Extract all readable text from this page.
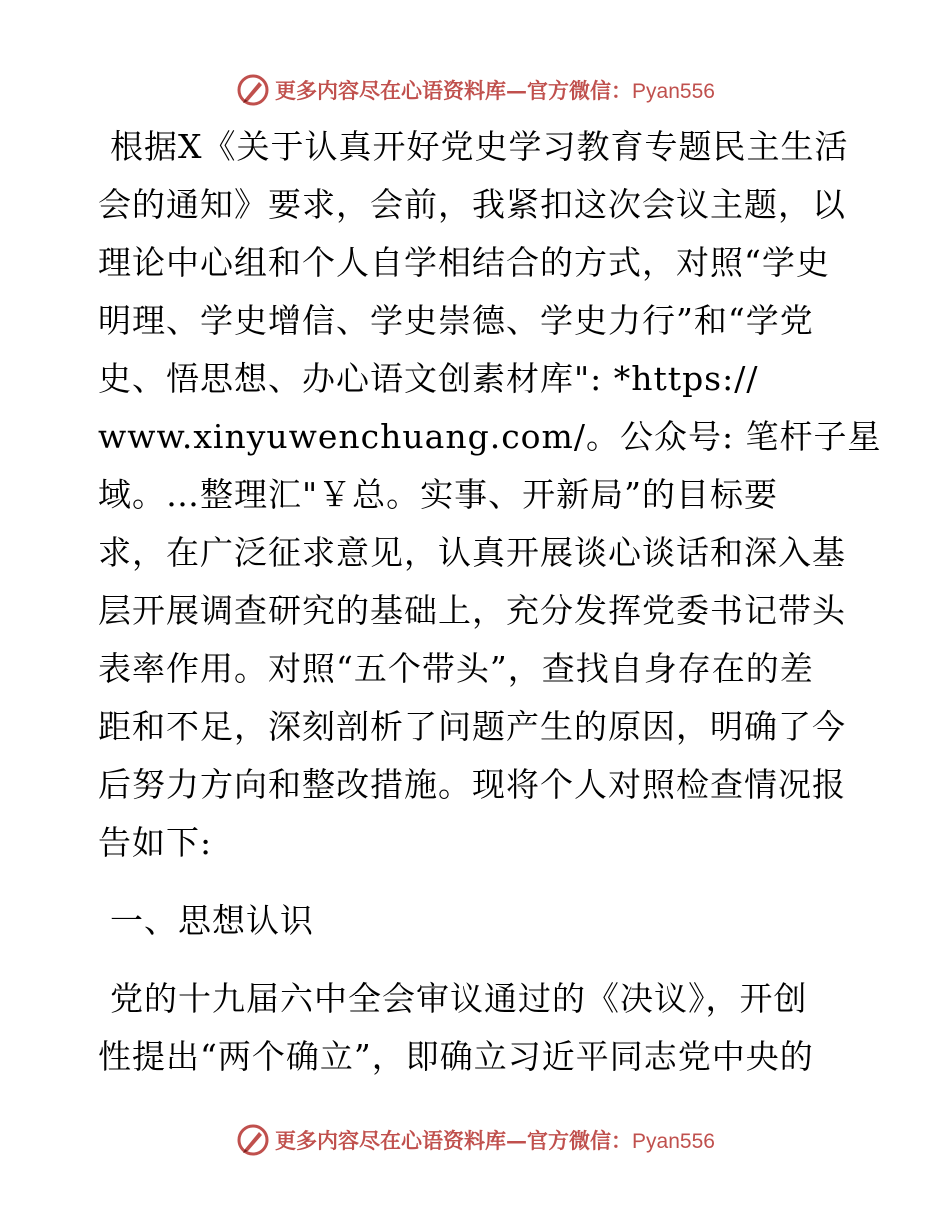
更多内容尽在心语资料库—官方微信：Pyan556
根据X《关于认真开好党史学习教育专题民主生活
会的通知》要求，会前，我紧扣这次会议主题，以
理论中心组和个人自学相结合的方式，对照“学史
明理、学史增信、学史崇德、学史力行”和“学党
史、悟思想、办心语文创素材库": *https://
www.xinyuwenchuang.com/。公众号: 笔杆子星
域。…整理汇"￥总。实事、开新局”的目标要
求，在广泛征求意见，认真开展谈心谈话和深入基
层开展调查研究的基础上，充分发挥党委书记带头
表率作用。对照“五个带头”，查找自身存在的差
距和不足，深刻剖析了问题产生的原因，明确了今
后努力方向和整改措施。现将个人对照检查情况报
告如下:
一、思想认识
党的十九届六中全会审议通过的《决议》，开创
性提出“两个确立”，即确立习近平同志党中央的
更多内容尽在心语资料库—官方微信：Pyan556
